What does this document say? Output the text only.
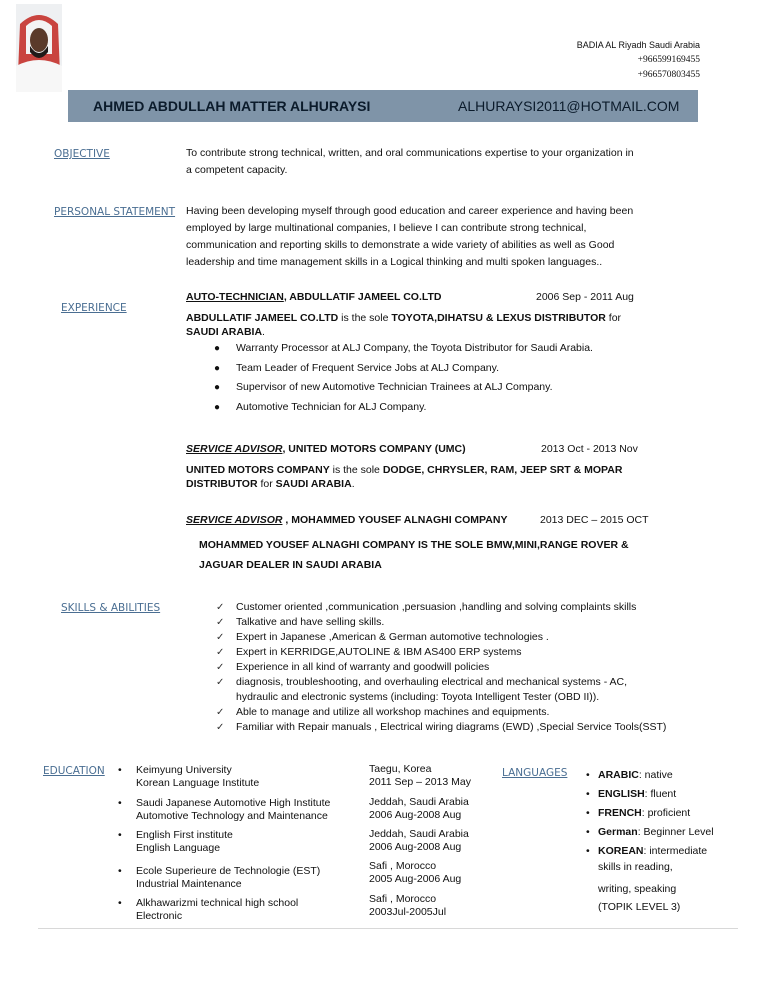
BADIA AL Riyadh Saudi Arabia
+966599169455
+966570803455
AHMED ABDULLAH MATTER ALHURAYSI	ALHURAYSI2011@HOTMAIL.COM
OBJECTIVE	To contribute strong technical, written, and oral communications expertise to your organization in
a competent capacity.
PERSONAL STATEMENT Having been developing myself through good education and career experience and having been
employed by large multinational companies, I believe I can contribute strong technical,
communication and reporting skills to demonstrate a wide variety of abilities as well as Good
leadership and time management skills in a Logical thinking and multi spoken languages..
EXPERIENCE
AUTO-TECHNICIAN, ABDULLATIF JAMEEL CO.LTD	2006 Sep - 2011 Aug
ABDULLATIF JAMEEL CO.LTD is the sole TOYOTA,DIHATSU & LEXUS DISTRIBUTOR for
SAUDI ARABIA.
● Warranty Processor at ALJ Company, the Toyota Distributor for Saudi Arabia.
● Team Leader of Frequent Service Jobs at ALJ Company.
● Supervisor of new Automotive Technician Trainees at ALJ Company.
● Automotive Technician for ALJ Company.
SERVICE ADVISOR, UNITED MOTORS COMPANY (UMC)	2013 Oct - 2013 Nov
UNITED MOTORS COMPANY is the sole DODGE, CHRYSLER, RAM, JEEP SRT & MOPAR
DISTRIBUTOR for SAUDI ARABIA.
SERVICE ADVISOR , MOHAMMED YOUSEF ALNAGHI COMPANY	2013 DEC – 2015 OCT
MOHAMMED YOUSEF ALNAGHI COMPANY IS THE SOLE BMW,MINI,RANGE ROVER &
JAGUAR DEALER IN SAUDI ARABIA
SKILLS & ABILITIES	✓ Customer oriented ,communication ,persuasion ,handling and solving complaints skills
✓ Talkative and have selling skills.
✓ Expert in Japanese ,American & German automotive technologies .
✓ Expert in KERRIDGE,AUTOLINE & IBM AS400 ERP systems
✓ Experience in all kind of warranty and goodwill policies
✓ diagnosis, troubleshooting, and overhauling electrical and mechanical systems - AC,
hydraulic and electronic systems (including: Toyota Intelligent Tester (OBD II)).
✓ Able to manage and utilize all workshop machines and equipments.
✓ Familiar with Repair manuals , Electrical wiring diagrams (EWD) ,Special Service Tools(SST)
EDUCATION • Keimyung University
Korean Language Institute
Taegu, Korea
2011 Sep – 2013 May
• Saudi Japanese Automotive High Institute
Automotive Technology and Maintenance
Jeddah, Saudi Arabia
2006 Aug-2008 Aug
• English First institute
English Language
Jeddah, Saudi Arabia
2006 Aug-2008 Aug
• Ecole Superieure de Technologie (EST)
Industrial Maintenance
Safi , Morocco
2005 Aug-2006 Aug
• Alkhawarizmi technical high school
Electronic
Safi , Morocco
2003Jul-2005Jul
LANGUAGES • ARABIC: native
• ENGLISH: fluent
• FRENCH: proficient
• German: Beginner Level
• KOREAN: intermediate
skills in reading,
writing, speaking
(TOPIK LEVEL 3)
